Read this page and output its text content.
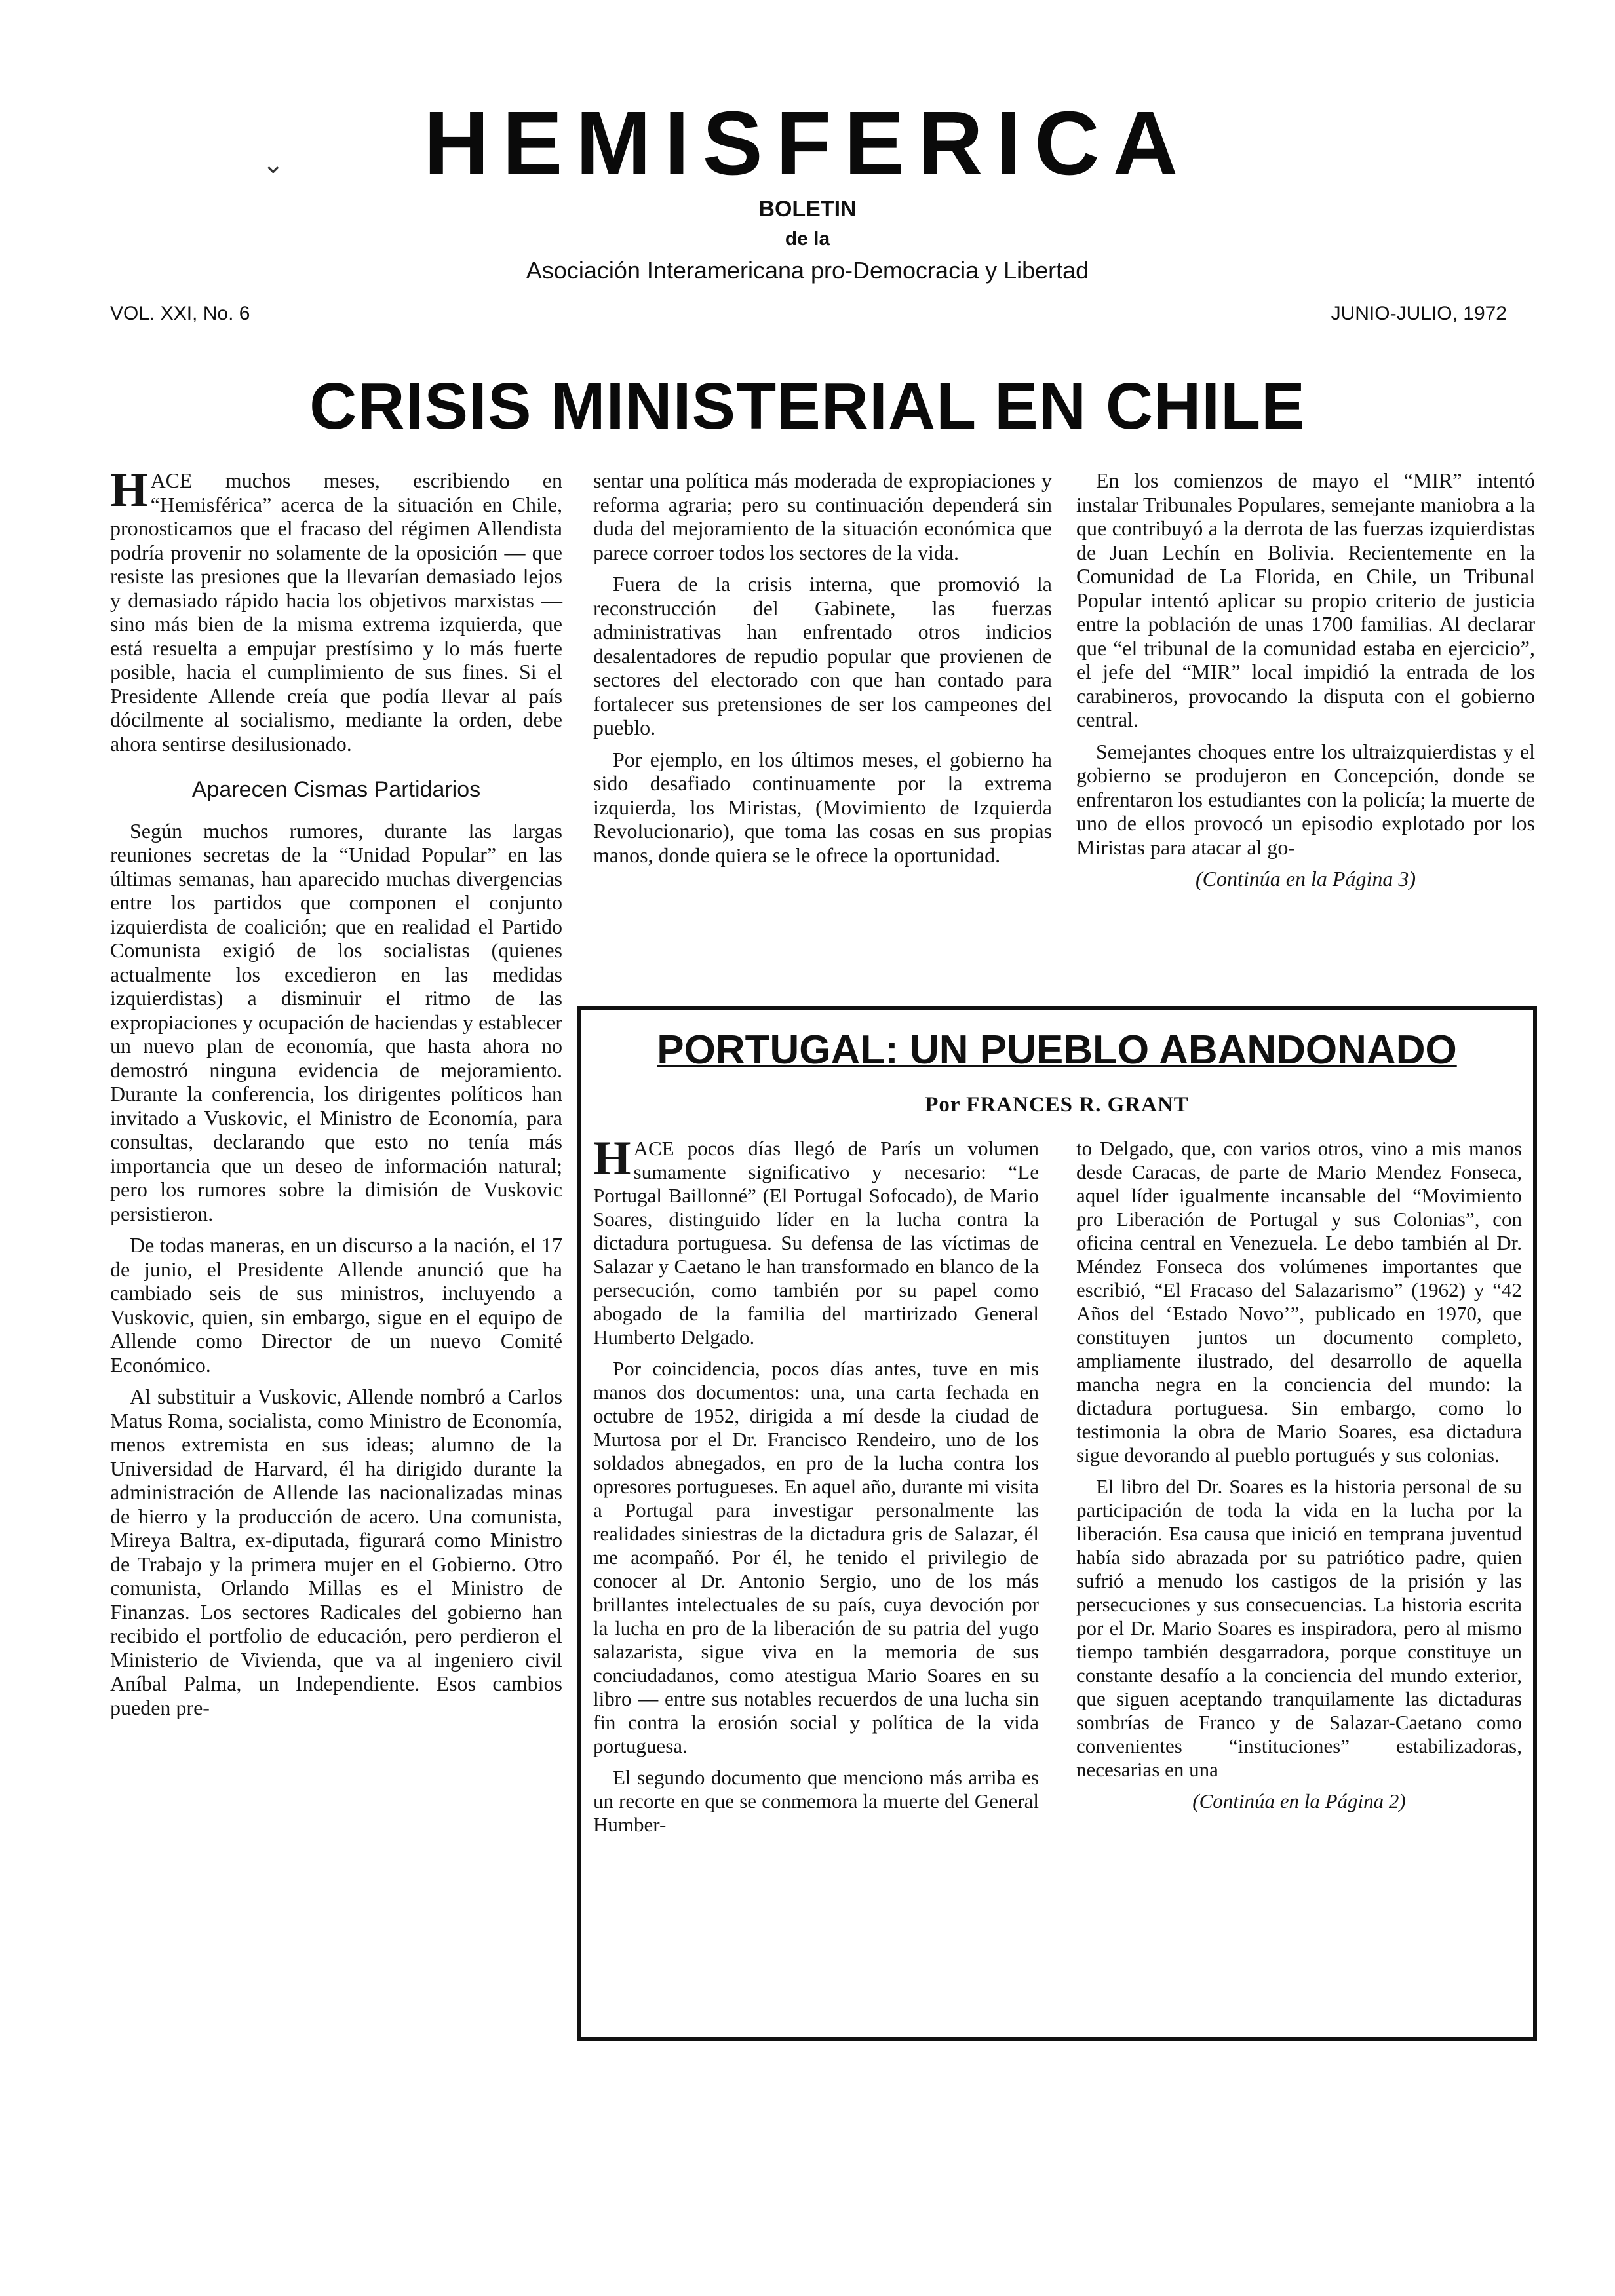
⌄	HEMISFERICA
BOLETIN
de la
Asociación Interamericana pro-Democracia y Libertad
VOL. XXI, No. 6	JUNIO-JULIO, 1972
CRISIS MINISTERIAL EN CHILE

HACE muchos meses, escribiendo en “Hemisférica” acerca de la situación en Chile, pronosticamos que el fracaso del régimen Allendista podría provenir no solamente de la oposición — que resiste las presiones que la llevarían demasiado lejos y demasiado rápido hacia los objetivos marxistas — sino más bien de la misma extrema izquierda, que está resuelta a empujar prestísimo y lo más fuerte posible, hacia el cumplimiento de sus fines. Si el Presidente Allende creía que podía llevar al país dócilmente al socialismo, mediante la orden, debe ahora sentirse desilusionado.

Aparecen Cismas Partidarios

Según muchos rumores, durante las largas reuniones secretas de la “Unidad Popular” en las últimas semanas, han aparecido muchas divergencias entre los partidos que componen el conjunto izquierdista de coalición; que en realidad el Partido Comunista exigió de los socialistas (quienes actualmente los excedieron en las medidas izquierdistas) a disminuir el ritmo de las expropiaciones y ocupación de haciendas y establecer un nuevo plan de economía, que hasta ahora no demostró ninguna evidencia de mejoramiento. Durante la conferencia, los dirigentes políticos han invitado a Vuskovic, el Ministro de Economía, para consultas, declarando que esto no tenía más importancia que un deseo de información natural; pero los rumores sobre la dimisión de Vuskovic persistieron.

De todas maneras, en un discurso a la nación, el 17 de junio, el Presidente Allende anunció que ha cambiado seis de sus ministros, incluyendo a Vuskovic, quien, sin embargo, sigue en el equipo de Allende como Director de un nuevo Comité Económico.

Al substituir a Vuskovic, Allende nombró a Carlos Matus Roma, socialista, como Ministro de Economía, menos extremista en sus ideas; alumno de la Universidad de Harvard, él ha dirigido durante la administración de Allende las nacionalizadas minas de hierro y la producción de acero. Una comunista, Mireya Baltra, ex-diputada, figurará como Ministro de Trabajo y la primera mujer en el Gobierno. Otro comunista, Orlando Millas es el Ministro de Finanzas. Los sectores Radicales del gobierno han recibido el portfolio de educación, pero perdieron el Ministerio de Vivienda, que va al ingeniero civil Aníbal Palma, un Independiente. Esos cambios pueden pre-

sentar una política más moderada de expropiaciones y reforma agraria; pero su continuación dependerá sin duda del mejoramiento de la situación económica que parece corroer todos los sectores de la vida.

Fuera de la crisis interna, que promovió la reconstrucción del Gabinete, las fuerzas administrativas han enfrentado otros indicios desalentadores de repudio popular que provienen de sectores del electorado con que han contado para fortalecer sus pretensiones de ser los campeones del pueblo.

Por ejemplo, en los últimos meses, el gobierno ha sido desafiado continuamente por la extrema izquierda, los Miristas, (Movimiento de Izquierda Revolucionario), que toma las cosas en sus propias manos, donde quiera se le ofrece la oportunidad.

En los comienzos de mayo el “MIR” intentó instalar Tribunales Populares, semejante maniobra a la que contribuyó a la derrota de las fuerzas izquierdistas de Juan Lechín en Bolivia. Recientemente en la Comunidad de La Florida, en Chile, un Tribunal Popular intentó aplicar su propio criterio de justicia entre la población de unas 1700 familias. Al declarar que “el tribunal de la comunidad estaba en ejercicio”, el jefe del “MIR” local impidió la entrada de los carabineros, provocando la disputa con el gobierno central.

Semejantes choques entre los ultraizquierdistas y el gobierno se produjeron en Concepción, donde se enfrentaron los estudiantes con la policía; la muerte de uno de ellos provocó un episodio explotado por los Miristas para atacar al go-

(Continúa en la Página 3)
PORTUGAL: UN PUEBLO ABANDONADO
Por FRANCES R. GRANT

HACE pocos días llegó de París un volumen sumamente significativo y necesario: “Le Portugal Baillonné” (El Portugal Sofocado), de Mario Soares, distinguido líder en la lucha contra la dictadura portuguesa. Su defensa de las víctimas de Salazar y Caetano le han transformado en blanco de la persecución, como también por su papel como abogado de la familia del martirizado General Humberto Delgado.

Por coincidencia, pocos días antes, tuve en mis manos dos documentos: una, una carta fechada en octubre de 1952, dirigida a mí desde la ciudad de Murtosa por el Dr. Francisco Rendeiro, uno de los soldados abnegados, en pro de la lucha contra los opresores portugueses. En aquel año, durante mi visita a Portugal para investigar personalmente las realidades siniestras de la dictadura gris de Salazar, él me acompañó. Por él, he tenido el privilegio de conocer al Dr. Antonio Sergio, uno de los más brillantes intelectuales de su país, cuya devoción por la lucha en pro de la liberación de su patria del yugo salazarista, sigue viva en la memoria de sus conciudadanos, como atestigua Mario Soares en su libro — entre sus notables recuerdos de una lucha sin fin contra la erosión social y política de la vida portuguesa.

El segundo documento que menciono más arriba es un recorte en que se conmemora la muerte del General Humber-

to Delgado, que, con varios otros, vino a mis manos desde Caracas, de parte de Mario Mendez Fonseca, aquel líder igualmente incansable del “Movimiento pro Liberación de Portugal y sus Colonias”, con oficina central en Venezuela. Le debo también al Dr. Méndez Fonseca dos volúmenes importantes que escribió, “El Fracaso del Salazarismo” (1962) y “42 Años del ‘Estado Novo’”, publicado en 1970, que constituyen juntos un documento completo, ampliamente ilustrado, del desarrollo de aquella mancha negra en la conciencia del mundo: la dictadura portuguesa. Sin embargo, como lo testimonia la obra de Mario Soares, esa dictadura sigue devorando al pueblo portugués y sus colonias.

El libro del Dr. Soares es la historia personal de su participación de toda la vida en la lucha por la liberación. Esa causa que inició en temprana juventud había sido abrazada por su patriótico padre, quien sufrió a menudo los castigos de la prisión y las persecuciones y sus consecuencias. La historia escrita por el Dr. Mario Soares es inspiradora, pero al mismo tiempo también desgarradora, porque constituye un constante desafío a la conciencia del mundo exterior, que siguen aceptando tranquilamente las dictaduras sombrías de Franco y de Salazar-Caetano como convenientes “instituciones” estabilizadoras, necesarias en una

(Continúa en la Página 2)
